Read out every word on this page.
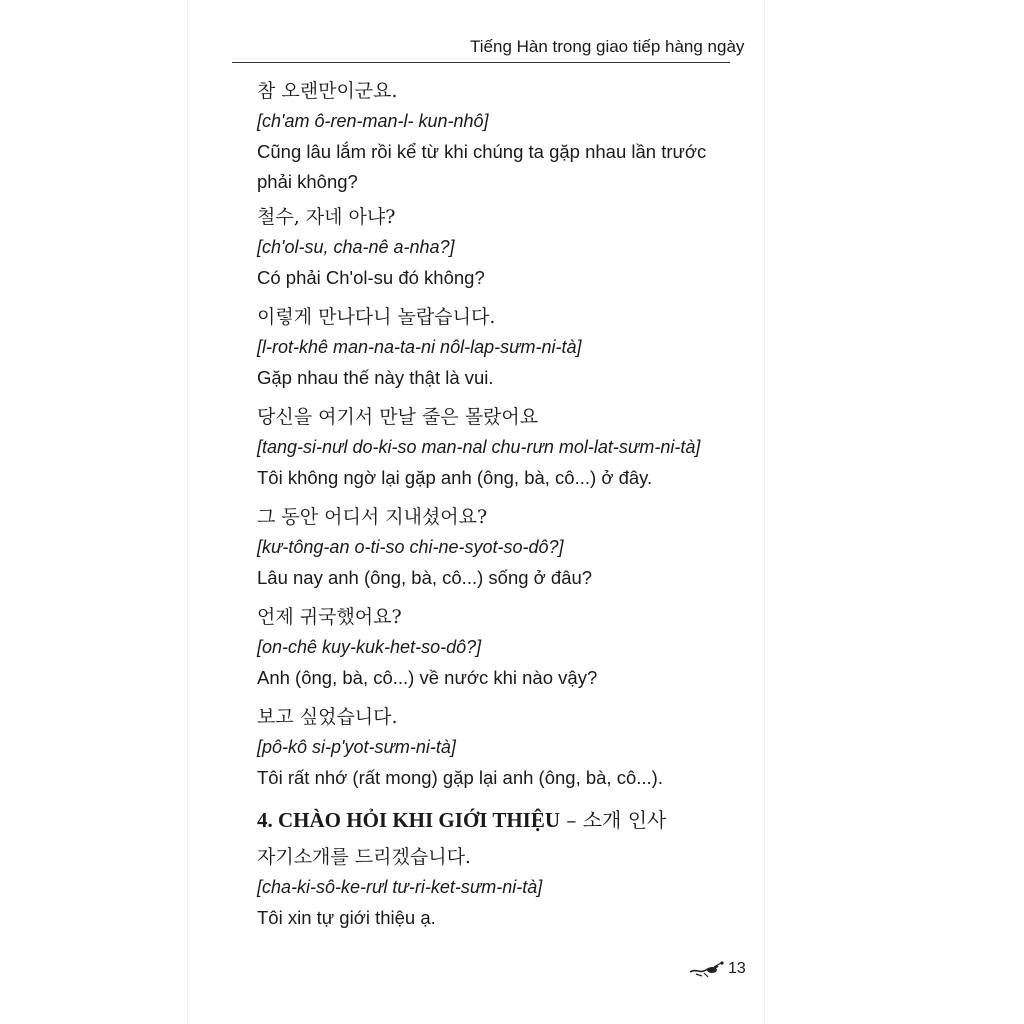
Tiếng Hàn trong giao tiếp hàng ngày
참 오랜만이군요.
[ch'am ô-ren-man-l- kun-nhô]
Cũng lâu lắm rồi kể từ khi chúng ta gặp nhau lần trước phải không?
철수, 자네 아냐?
[ch'ol-su, cha-nê a-nha?]
Có phải Ch'ol-su đó không?
이렇게 만나다니 놀랍습니다.
[l-rot-khê man-na-ta-ni nôl-lap-sưm-ni-tà]
Gặp nhau thế này thật là vui.
당신을 여기서 만날 줄은 몰랐어요
[tang-si-nưl do-ki-so man-nal chu-rưn mol-lat-sưm-ni-tà]
Tôi không ngờ lại gặp anh (ông, bà, cô...) ở đây.
그 동안 어디서 지내셨어요?
[kư-tông-an o-ti-so chi-ne-syot-so-dô?]
Lâu nay anh (ông, bà, cô...) sống ở đâu?
언제 귀국했어요?
[on-chê kuy-kuk-het-so-dô?]
Anh (ông, bà, cô...) về nước khi nào vậy?
보고 싶었습니다.
[pô-kô si-p'yot-sưm-ni-tà]
Tôi rất nhớ (rất mong) gặp lại anh (ông, bà, cô...).
4. CHÀO HỎI KHI GIỚI THIỆU – 소개 인사
자기소개를 드리겠습니다.
[cha-ki-sô-ke-rưl tư-ri-ket-sưm-ni-tà]
Tôi xin tự giới thiệu ạ.
13
